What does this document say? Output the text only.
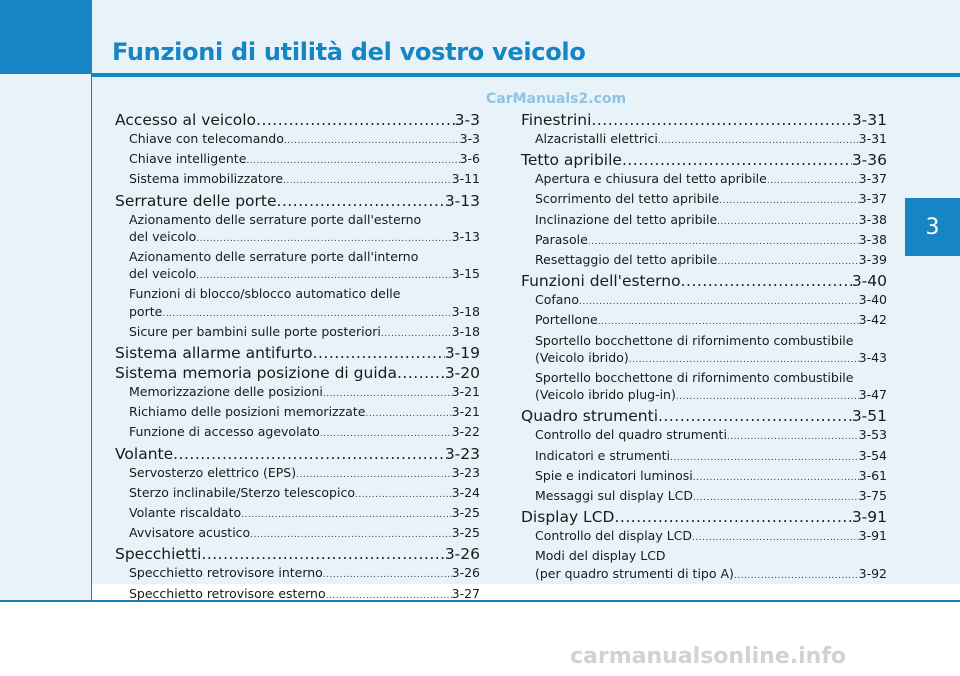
Funzioni di utilità del vostro veicolo
Accesso al veicolo .....	3-3
Chiave con telecomando .....	3-3
Chiave intelligente .....	3-6
Sistema immobilizzatore .....	3-11
Serrature delle porte .....	3-13
Azionamento delle serrature porte dall'esterno
del veicolo .....	3-13
Azionamento delle serrature porte dall'interno
del veicolo .....	3-15
Funzioni di blocco/sblocco automatico delle
porte .....	3-18
Sicure per bambini sulle porte posteriori .....	3-18
Sistema allarme antifurto .....	3-19
Sistema memoria posizione di guida .....	3-20
Memorizzazione delle posizioni .....	3-21
Richiamo delle posizioni memorizzate .....	3-21
Funzione di accesso agevolato .....	3-22
Volante .....	3-23
Servosterzo elettrico (EPS) .....	3-23
Sterzo inclinabile/Sterzo telescopico .....	3-24
Volante riscaldato .....	3-25
Avvisatore acustico .....	3-25
Specchietti .....	3-26
Specchietto retrovisore interno .....	3-26
Specchietto retrovisore esterno .....	3-27
Finestrini .....	3-31
Alzacristalli elettrici .....	3-31
Tetto apribile .....	3-36
Apertura e chiusura del tetto apribile .....	3-37
Scorrimento del tetto apribile .....	3-37
Inclinazione del tetto apribile .....	3-38
Parasole .....	3-38
Resettaggio del tetto apribile .....	3-39
Funzioni dell'esterno .....	3-40
Cofano .....	3-40
Portellone .....	3-42
Sportello bocchettone di rifornimento combustibile
(Veicolo ibrido) .....	3-43
Sportello bocchettone di rifornimento combustibile
(Veicolo ibrido plug-in) .....	3-47
Quadro strumenti .....	3-51
Controllo del quadro strumenti .....	3-53
Indicatori e strumenti .....	3-54
Spie e indicatori luminosi .....	3-61
Messaggi sul display LCD .....	3-75
Display LCD .....	3-91
Controllo del display LCD .....	3-91
Modi del display LCD
(per quadro strumenti di tipo A) .....	3-92
CarManuals2.com
3
carmanualsonline.info
